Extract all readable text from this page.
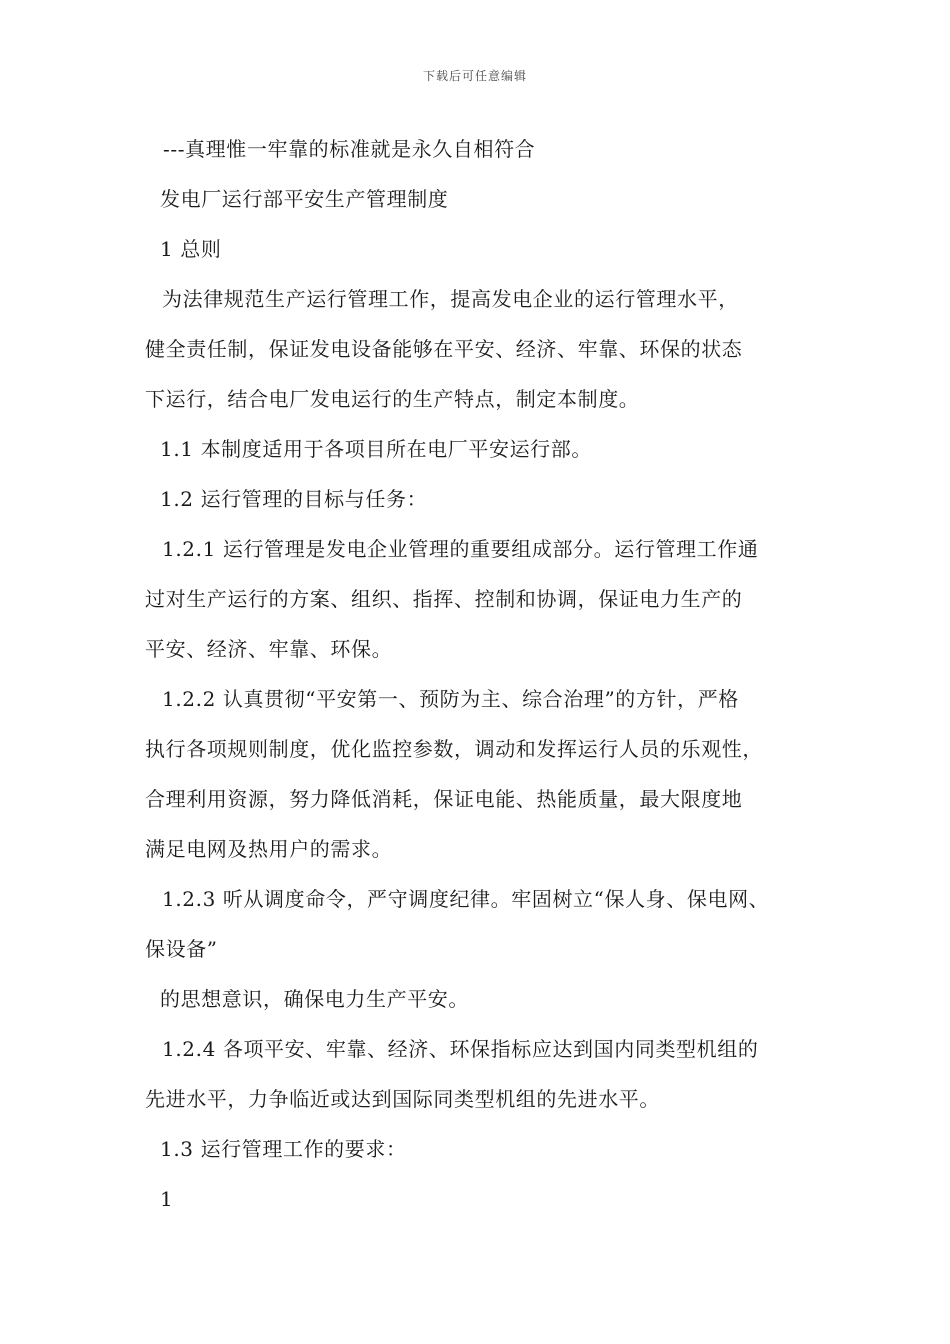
下载后可任意编辑
---真理惟一牢靠的标准就是永久自相符合
发电厂运行部平安生产管理制度
1 总则
为法律规范生产运行管理工作，提高发电企业的运行管理水平，
健全责任制，保证发电设备能够在平安、经济、牢靠、环保的状态
下运行，结合电厂发电运行的生产特点，制定本制度。
1.1 本制度适用于各项目所在电厂平安运行部。
1.2 运行管理的目标与任务：
1.2.1 运行管理是发电企业管理的重要组成部分。运行管理工作通
过对生产运行的方案、组织、指挥、控制和协调，保证电力生产的
平安、经济、牢靠、环保。
1.2.2 认真贯彻“平安第一、预防为主、综合治理”的方针，严格
执行各项规则制度，优化监控参数，调动和发挥运行人员的乐观性，
合理利用资源，努力降低消耗，保证电能、热能质量，最大限度地
满足电网及热用户的需求。
1.2.3 听从调度命令，严守调度纪律。牢固树立“保人身、保电网、
保设备”
的思想意识，确保电力生产平安。
1.2.4 各项平安、牢靠、经济、环保指标应达到国内同类型机组的
先进水平，力争临近或达到国际同类型机组的先进水平。
1.3 运行管理工作的要求：
1
